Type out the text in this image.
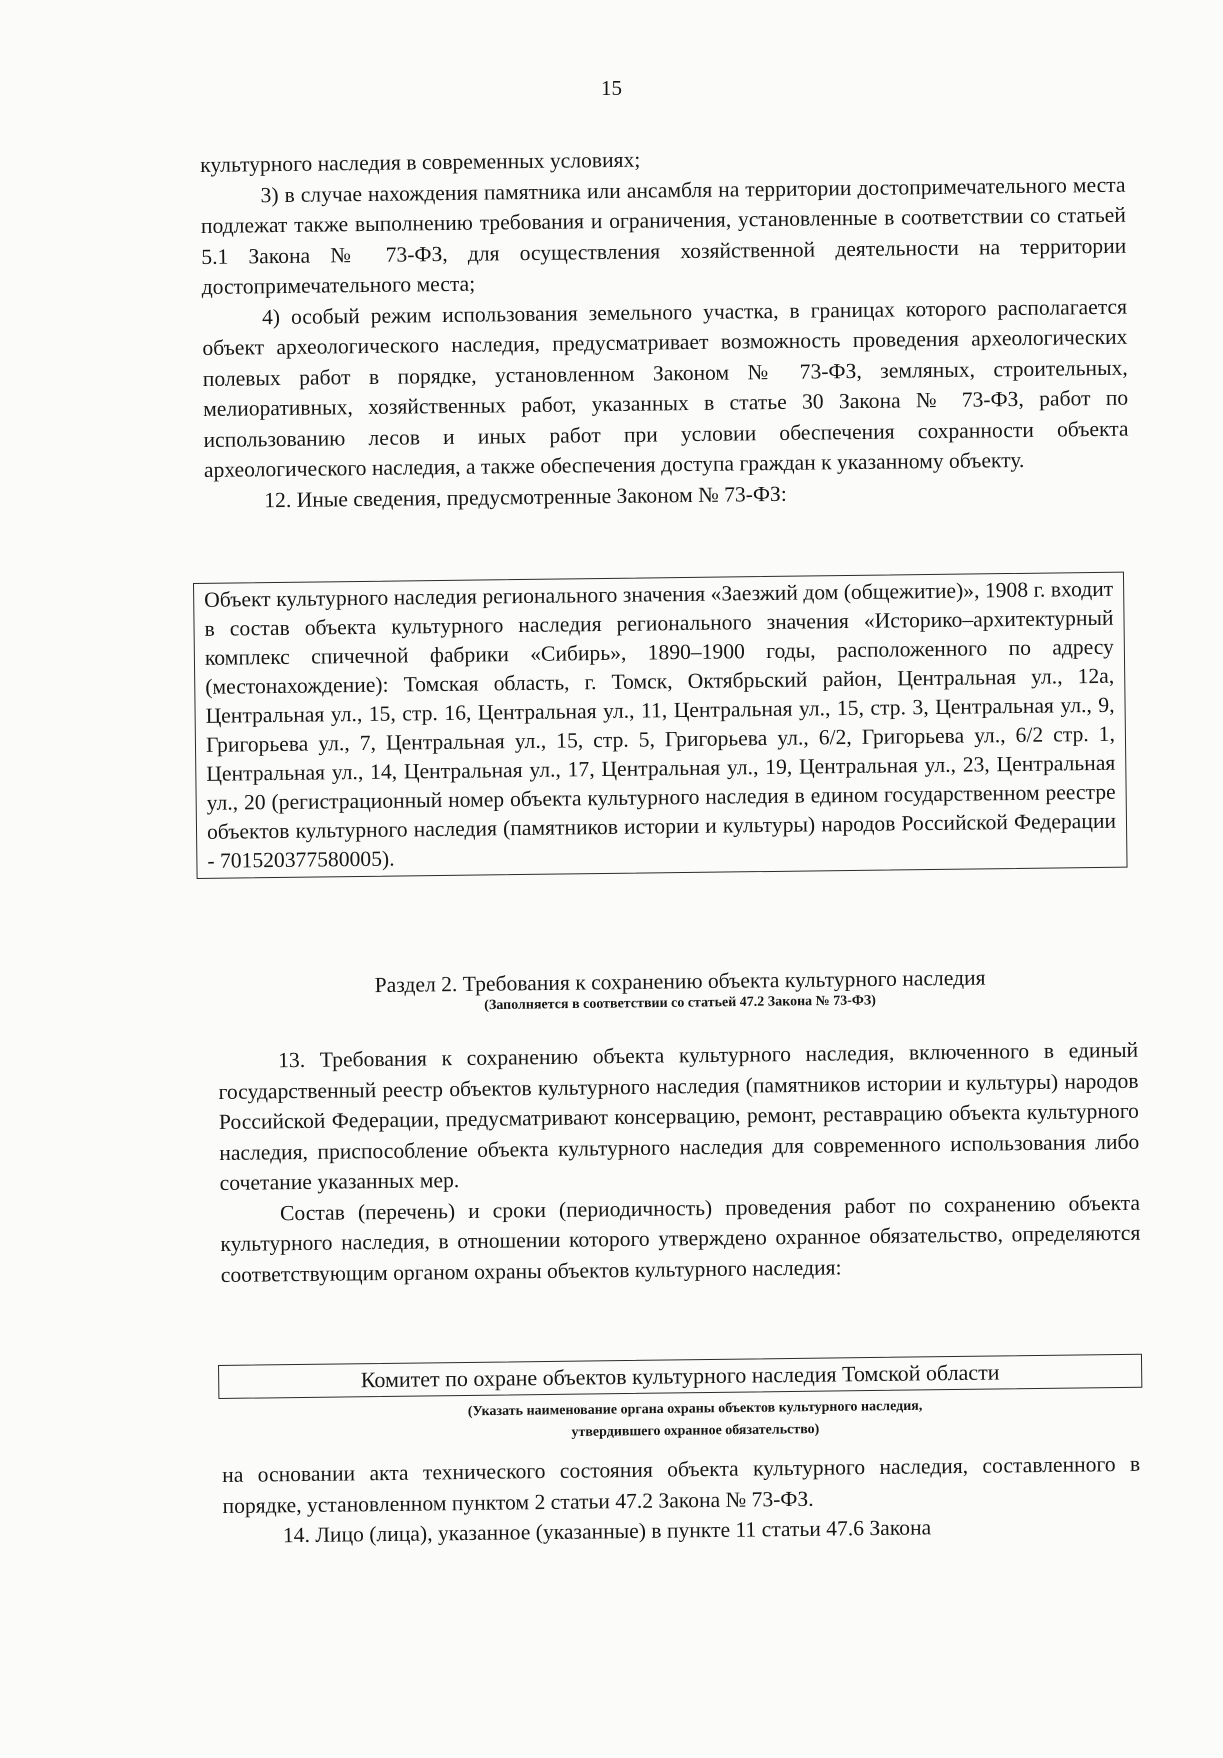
15

культурного наследия в современных условиях;

3) в случае нахождения памятника или ансамбля на территории достопримечательного места подлежат также выполнению требования и ограничения, установленные в соответствии со статьей 5.1 Закона № 73-ФЗ, для осуществления хозяйственной деятельности на территории достопримечательного места;

4) особый режим использования земельного участка, в границах которого располагается объект археологического наследия, предусматривает возможность проведения археологических полевых работ в порядке, установленном Законом № 73-ФЗ, земляных, строительных, мелиоративных, хозяйственных работ, указанных в статье 30 Закона № 73-ФЗ, работ по использованию лесов и иных работ при условии обеспечения сохранности объекта археологического наследия, а также обеспечения доступа граждан к указанному объекту.

12. Иные сведения, предусмотренные Законом № 73-ФЗ:

Объект культурного наследия регионального значения «Заезжий дом (общежитие)», 1908 г. входит в состав объекта культурного наследия регионального значения «Историко–архитектурный комплекс спичечной фабрики «Сибирь», 1890–1900 годы, расположенного по адресу (местонахождение): Томская область, г. Томск, Октябрьский район, Центральная ул., 12а, Центральная ул., 15, стр. 16, Центральная ул., 11, Центральная ул., 15, стр. 3, Центральная ул., 9, Григорьева ул., 7, Центральная ул., 15, стр. 5, Григорьева ул., 6/2, Григорьева ул., 6/2 стр. 1, Центральная ул., 14, Центральная ул., 17, Центральная ул., 19, Центральная ул., 23, Центральная ул., 20 (регистрационный номер объекта культурного наследия в едином государственном реестре объектов культурного наследия (памятников истории и культуры) народов Российской Федерации - 701520377580005).
Раздел 2. Требования к сохранению объекта культурного наследия
(Заполняется в соответствии со статьей 47.2 Закона № 73-ФЗ)

13. Требования к сохранению объекта культурного наследия, включенного в единый государственный реестр объектов культурного наследия (памятников истории и культуры) народов Российской Федерации, предусматривают консервацию, ремонт, реставрацию объекта культурного наследия, приспособление объекта культурного наследия для современного использования либо сочетание указанных мер.

Состав (перечень) и сроки (периодичность) проведения работ по сохранению объекта культурного наследия, в отношении которого утверждено охранное обязательство, определяются соответствующим органом охраны объектов культурного наследия:

Комитет по охране объектов культурного наследия Томской области
(Указать наименование органа охраны объектов культурного наследия,
утвердившего охранное обязательство)

на основании акта технического состояния объекта культурного наследия, составленного в порядке, установленном пунктом 2 статьи 47.2 Закона № 73-ФЗ.

14. Лицо (лица), указанное (указанные) в пункте 11 статьи 47.6 Закона
